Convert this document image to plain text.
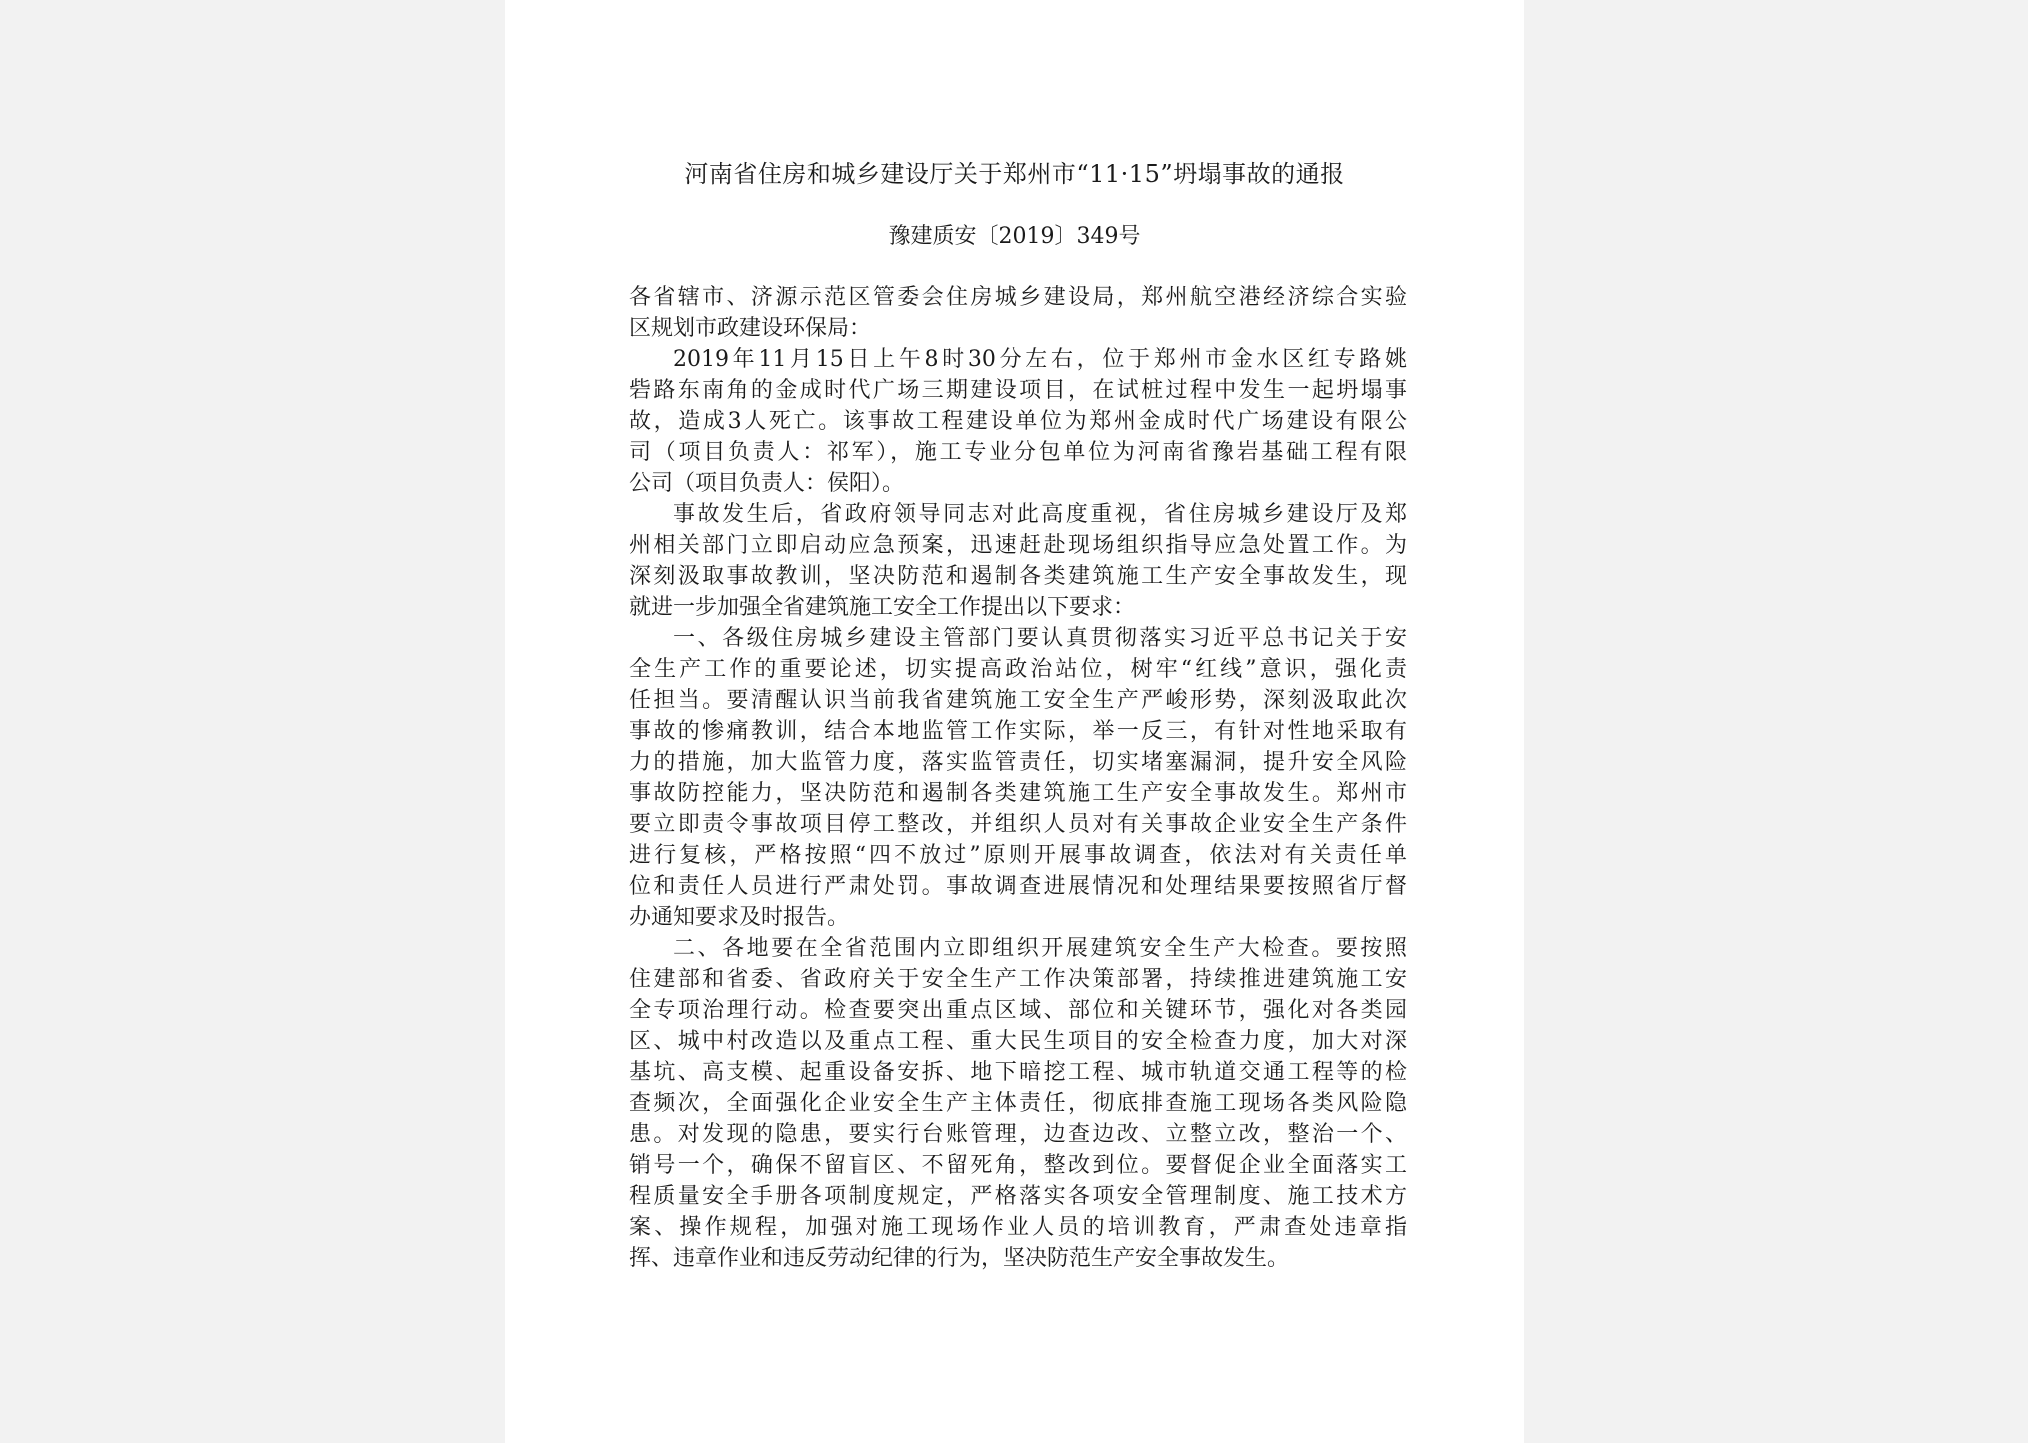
河南省住房和城乡建设厅关于郑州市“11·15”坍塌事故的通报
豫建质安〔2019〕349号

各省辖市、济源示范区管委会住房城乡建设局，郑州航空港经济综合实验
区规划市政建设环保局：

2019年11月15日上午8时30分左右，位于郑州市金水区红专路姚
砦路东南角的金成时代广场三期建设项目，在试桩过程中发生一起坍塌事
故，造成3人死亡。该事故工程建设单位为郑州金成时代广场建设有限公
司（项目负责人：祁军），施工专业分包单位为河南省豫岩基础工程有限
公司（项目负责人：侯阳）。

事故发生后，省政府领导同志对此高度重视，省住房城乡建设厅及郑
州相关部门立即启动应急预案，迅速赶赴现场组织指导应急处置工作。为
深刻汲取事故教训，坚决防范和遏制各类建筑施工生产安全事故发生，现
就进一步加强全省建筑施工安全工作提出以下要求：

一、各级住房城乡建设主管部门要认真贯彻落实习近平总书记关于安
全生产工作的重要论述，切实提高政治站位，树牢“红线”意识，强化责
任担当。要清醒认识当前我省建筑施工安全生产严峻形势，深刻汲取此次
事故的惨痛教训，结合本地监管工作实际，举一反三，有针对性地采取有
力的措施，加大监管力度，落实监管责任，切实堵塞漏洞，提升安全风险
事故防控能力，坚决防范和遏制各类建筑施工生产安全事故发生。郑州市
要立即责令事故项目停工整改，并组织人员对有关事故企业安全生产条件
进行复核，严格按照“四不放过”原则开展事故调查，依法对有关责任单
位和责任人员进行严肃处罚。事故调查进展情况和处理结果要按照省厅督
办通知要求及时报告。

二、各地要在全省范围内立即组织开展建筑安全生产大检查。要按照
住建部和省委、省政府关于安全生产工作决策部署，持续推进建筑施工安
全专项治理行动。检查要突出重点区域、部位和关键环节，强化对各类园
区、城中村改造以及重点工程、重大民生项目的安全检查力度，加大对深
基坑、高支模、起重设备安拆、地下暗挖工程、城市轨道交通工程等的检
查频次，全面强化企业安全生产主体责任，彻底排查施工现场各类风险隐
患。对发现的隐患，要实行台账管理，边查边改、立整立改，整治一个、
销号一个，确保不留盲区、不留死角，整改到位。要督促企业全面落实工
程质量安全手册各项制度规定，严格落实各项安全管理制度、施工技术方
案、操作规程，加强对施工现场作业人员的培训教育，严肃查处违章指
挥、违章作业和违反劳动纪律的行为，坚决防范生产安全事故发生。
